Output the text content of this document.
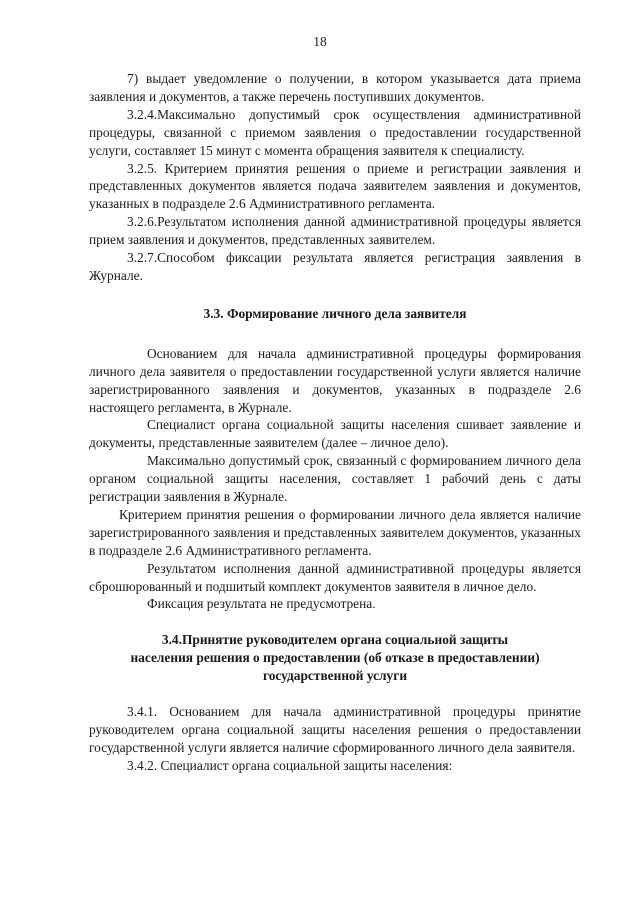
18

7) выдает уведомление о получении, в котором указывается дата приема заявления и документов, а также перечень поступивших документов.

3.2.4.Максимально допустимый срок осуществления административной процедуры, связанной с приемом заявления о предоставлении государственной услуги, составляет 15 минут с момента обращения заявителя к специалисту.

3.2.5. Критерием принятия решения о приеме и регистрации заявления и представленных документов является подача заявителем заявления и документов, указанных в подразделе 2.6 Административного регламента.

3.2.6.Результатом исполнения данной административной процедуры является прием заявления и документов, представленных заявителем.

3.2.7.Способом фиксации результата является регистрация заявления в Журнале.

3.3. Формирование личного дела заявителя

Основанием для начала административной процедуры формирования личного дела заявителя о предоставлении государственной услуги является наличие зарегистрированного заявления и документов, указанных в подразделе 2.6 настоящего регламента, в Журнале.

Специалист органа социальной защиты населения сшивает заявление и документы, представленные заявителем (далее – личное дело).

Максимально допустимый срок, связанный с формированием личного дела органом социальной защиты населения, составляет 1 рабочий день с даты регистрации заявления в Журнале.

Критерием принятия решения о формировании личного дела является наличие зарегистрированного заявления и представленных заявителем документов, указанных в подразделе 2.6 Административного регламента.

Результатом исполнения данной административной процедуры является сброшюрованный и подшитый комплект документов заявителя в личное дело.

Фиксация результата не предусмотрена.

3.4.Принятие руководителем органа социальной защиты
населения решения о предоставлении (об отказе в предоставлении)
государственной услуги

3.4.1. Основанием для начала административной процедуры принятие руководителем органа социальной защиты населения решения о предоставлении государственной услуги является наличие сформированного личного дела заявителя.

3.4.2. Специалист органа социальной защиты населения:
